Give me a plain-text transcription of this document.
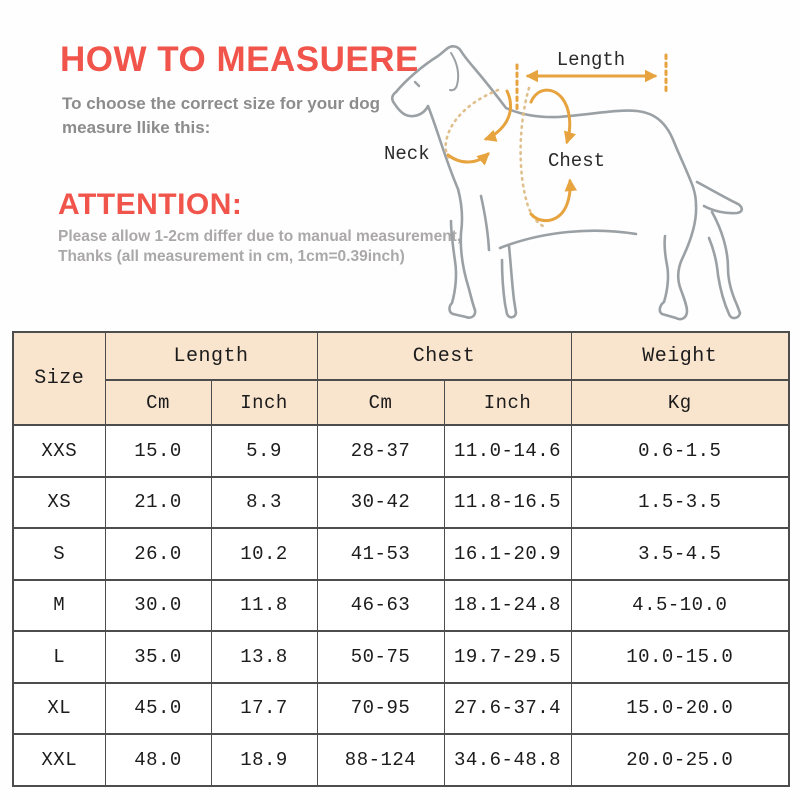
HOW TO MEASUERE

To choose the correct size for your dog measure llike this:

ATTENTION:

Please allow 1-2cm differ due to manual measurement, Thanks (all measurement in cm, 1cm=0.39inch)

Length
Neck	Chest
Size	Length		Chest		Weight
	Cm	Inch	Cm	Inch	Kg
XXS	15.0	5.9	28-37	11.0-14.6	0.6-1.5
XS	21.0	8.3	30-42	11.8-16.5	1.5-3.5
S	26.0	10.2	41-53	16.1-20.9	3.5-4.5
M	30.0	11.8	46-63	18.1-24.8	4.5-10.0
L	35.0	13.8	50-75	19.7-29.5	10.0-15.0
XL	45.0	17.7	70-95	27.6-37.4	15.0-20.0
XXL	48.0	18.9	88-124	34.6-48.8	20.0-25.0
